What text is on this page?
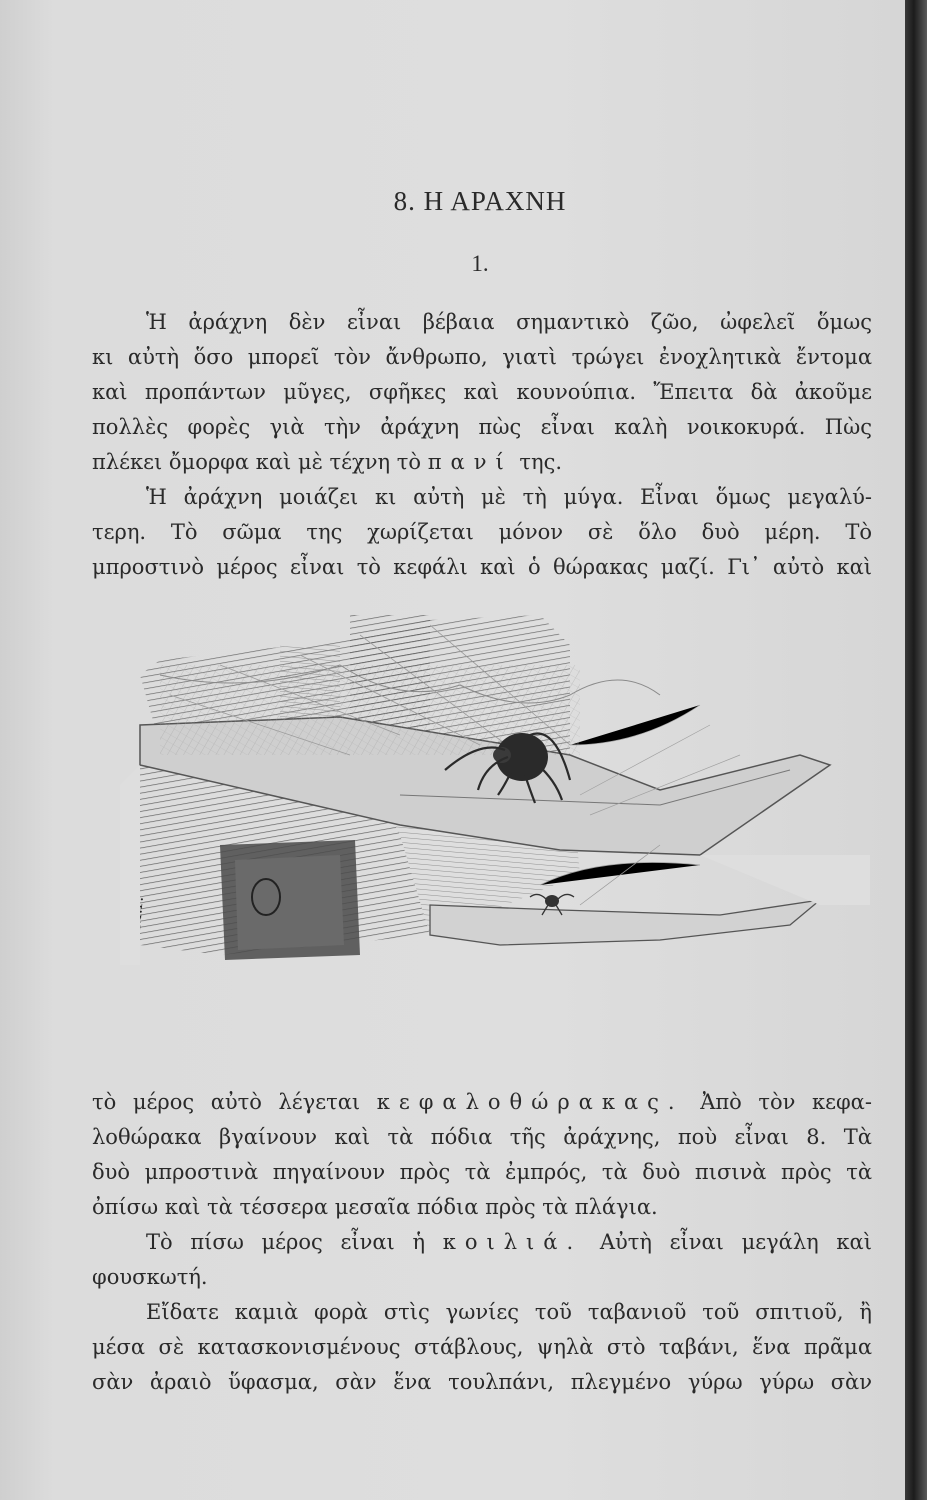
8. Η ΑΡΑΧΝΗ
1.
Ἡ ἀράχνη δὲν εἶναι βέβαια σημαντικὸ ζῶο, ὠφελεῖ ὅμως
κι αὐτὴ ὅσο μπορεῖ τὸν ἄνθρωπο, γιατὶ τρώγει ἐνοχλητικὰ ἔντομα
καὶ προπάντων μῦγες, σφῆκες καὶ κουνούπια. Ἔπειτα δὰ ἀκοῦμε
πολλὲς φορὲς γιὰ τὴν ἀράχνη πὼς εἶναι καλὴ νοικοκυρά. Πὼς
πλέκει ὄμορφα καὶ μὲ τέχνη τὸ πανί της.
Ἡ ἀράχνη μοιάζει κι αὐτὴ μὲ τὴ μύγα. Εἶναι ὅμως μεγαλύ-
τερη. Τὸ σῶμα της χωρίζεται μόνον σὲ ὅλο δυὸ μέρη. Τὸ
μπροστινὸ μέρος εἶναι τὸ κεφάλι καὶ ὁ θώρακας μαζί. Γι᾽ αὐτὸ καὶ
τὸ μέρος αὐτὸ λέγεται κεφαλοθώρακας. Ἀπὸ τὸν κεφα-
λοθώρακα βγαίνουν καὶ τὰ πόδια τῆς ἀράχνης, ποὺ εἶναι 8. Τὰ
δυὸ μπροστινὰ πηγαίνουν πρὸς τὰ ἐμπρός, τὰ δυὸ πισινὰ πρὸς τὰ
ὀπίσω καὶ τὰ τέσσερα μεσαῖα πόδια πρὸς τὰ πλάγια.
Τὸ πίσω μέρος εἶναι ἡ κοιλιά. Αὐτὴ εἶναι μεγάλη καὶ
φουσκωτή.
Εἴδατε καμιὰ φορὰ στὶς γωνίες τοῦ ταβανιοῦ τοῦ σπιτιοῦ, ἢ
μέσα σὲ κατασκονισμένους στάβλους, ψηλὰ στὸ ταβάνι, ἕνα πρᾶμα
σὰν ἀραιὸ ὕφασμα, σὰν ἕνα τουλπάνι, πλεγμένο γύρω γύρω σὰν
